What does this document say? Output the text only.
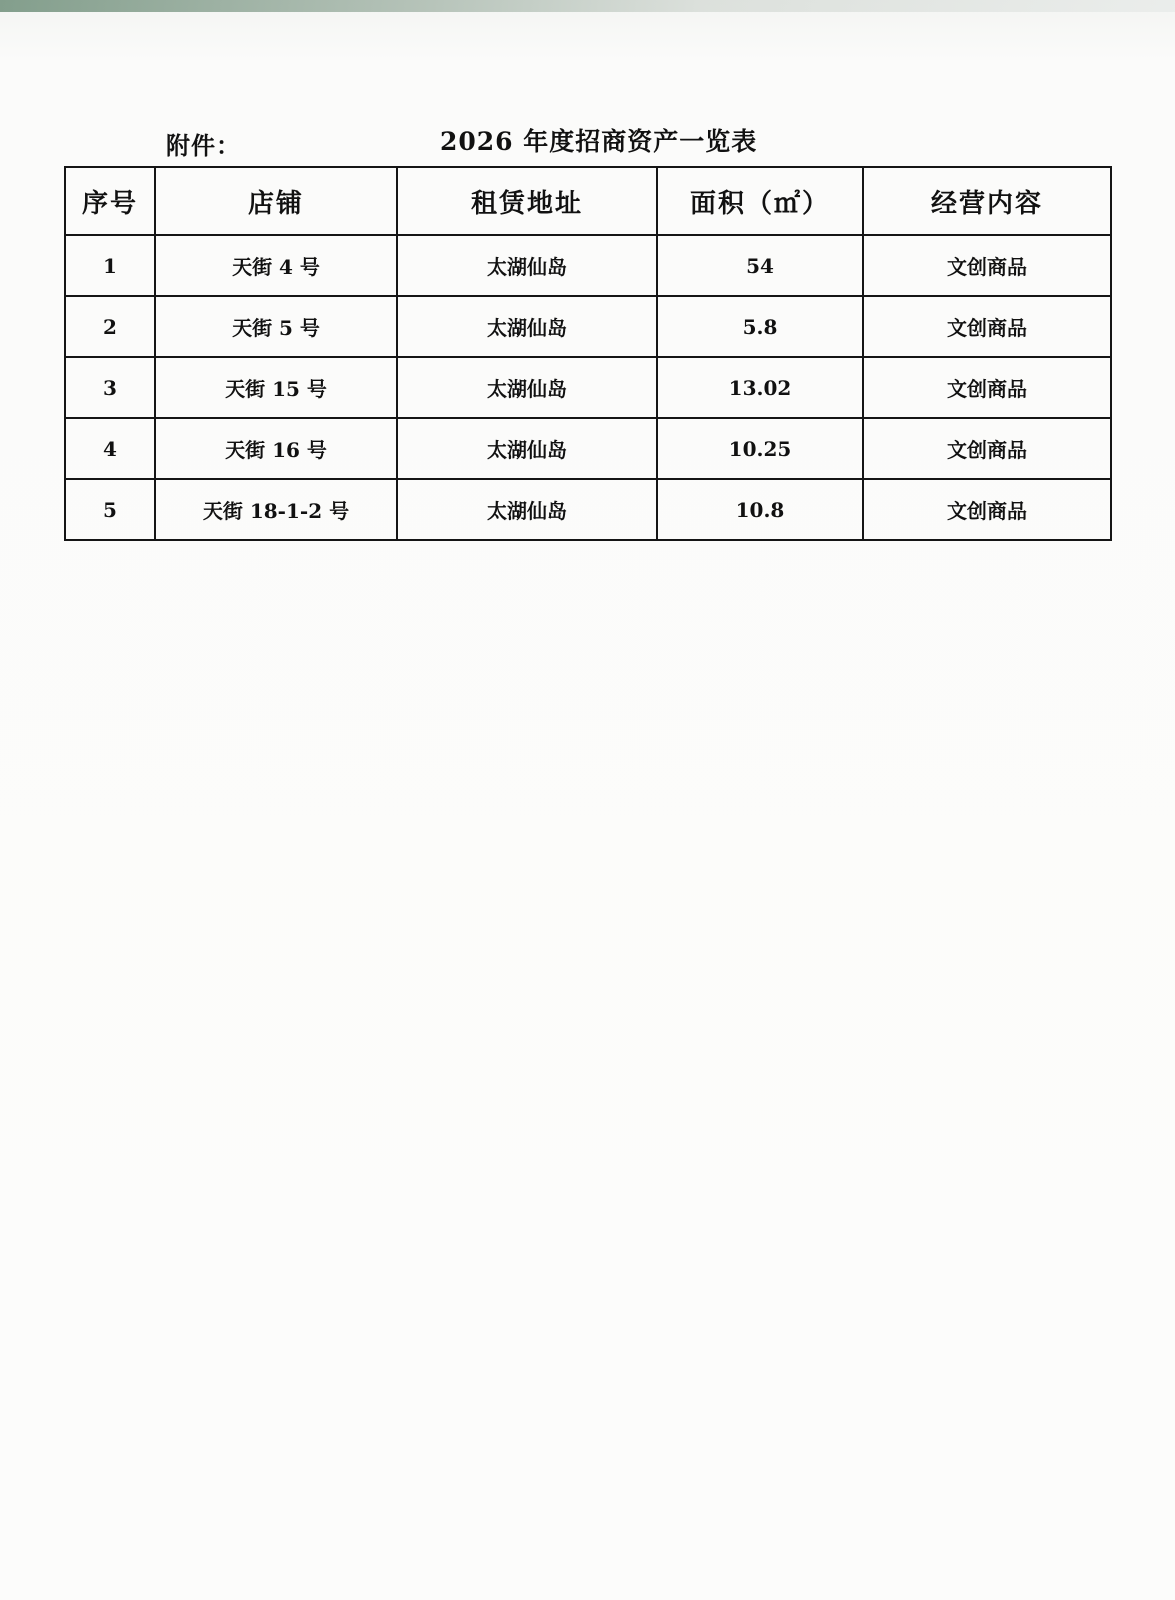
附件：	2026 年度招商资产一览表
序号	店铺	租赁地址	面积（㎡）	经营内容
1	天街 4 号	太湖仙岛	54	文创商品
2	天街 5 号	太湖仙岛	5.8	文创商品
3	天街 15 号	太湖仙岛	13.02	文创商品
4	天街 16 号	太湖仙岛	10.25	文创商品
5	天街 18-1-2 号	太湖仙岛	10.8	文创商品
